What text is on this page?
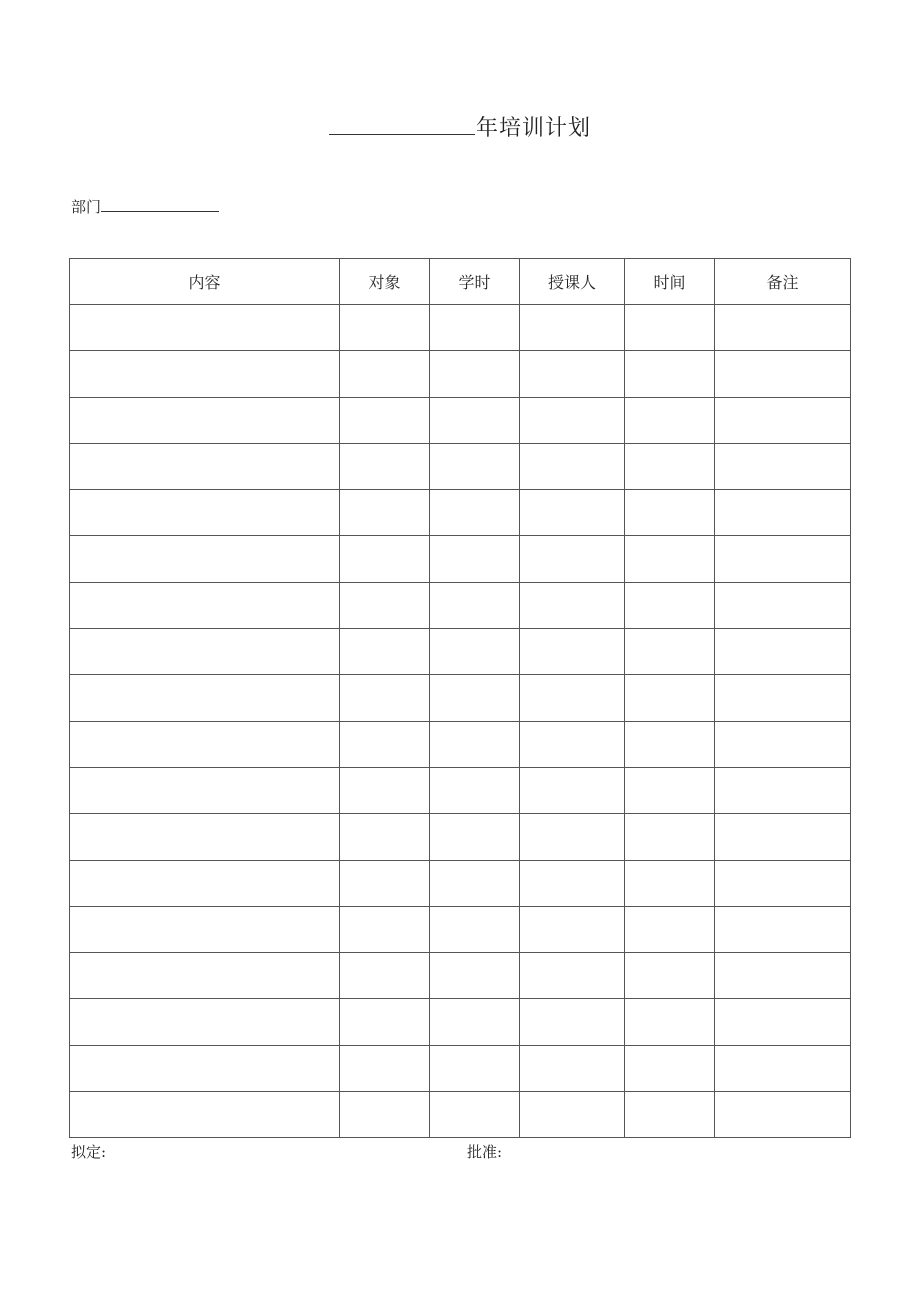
年培训计划
部门
内容	对象	学时	授课人	时间	备注

拟定:	批准:
